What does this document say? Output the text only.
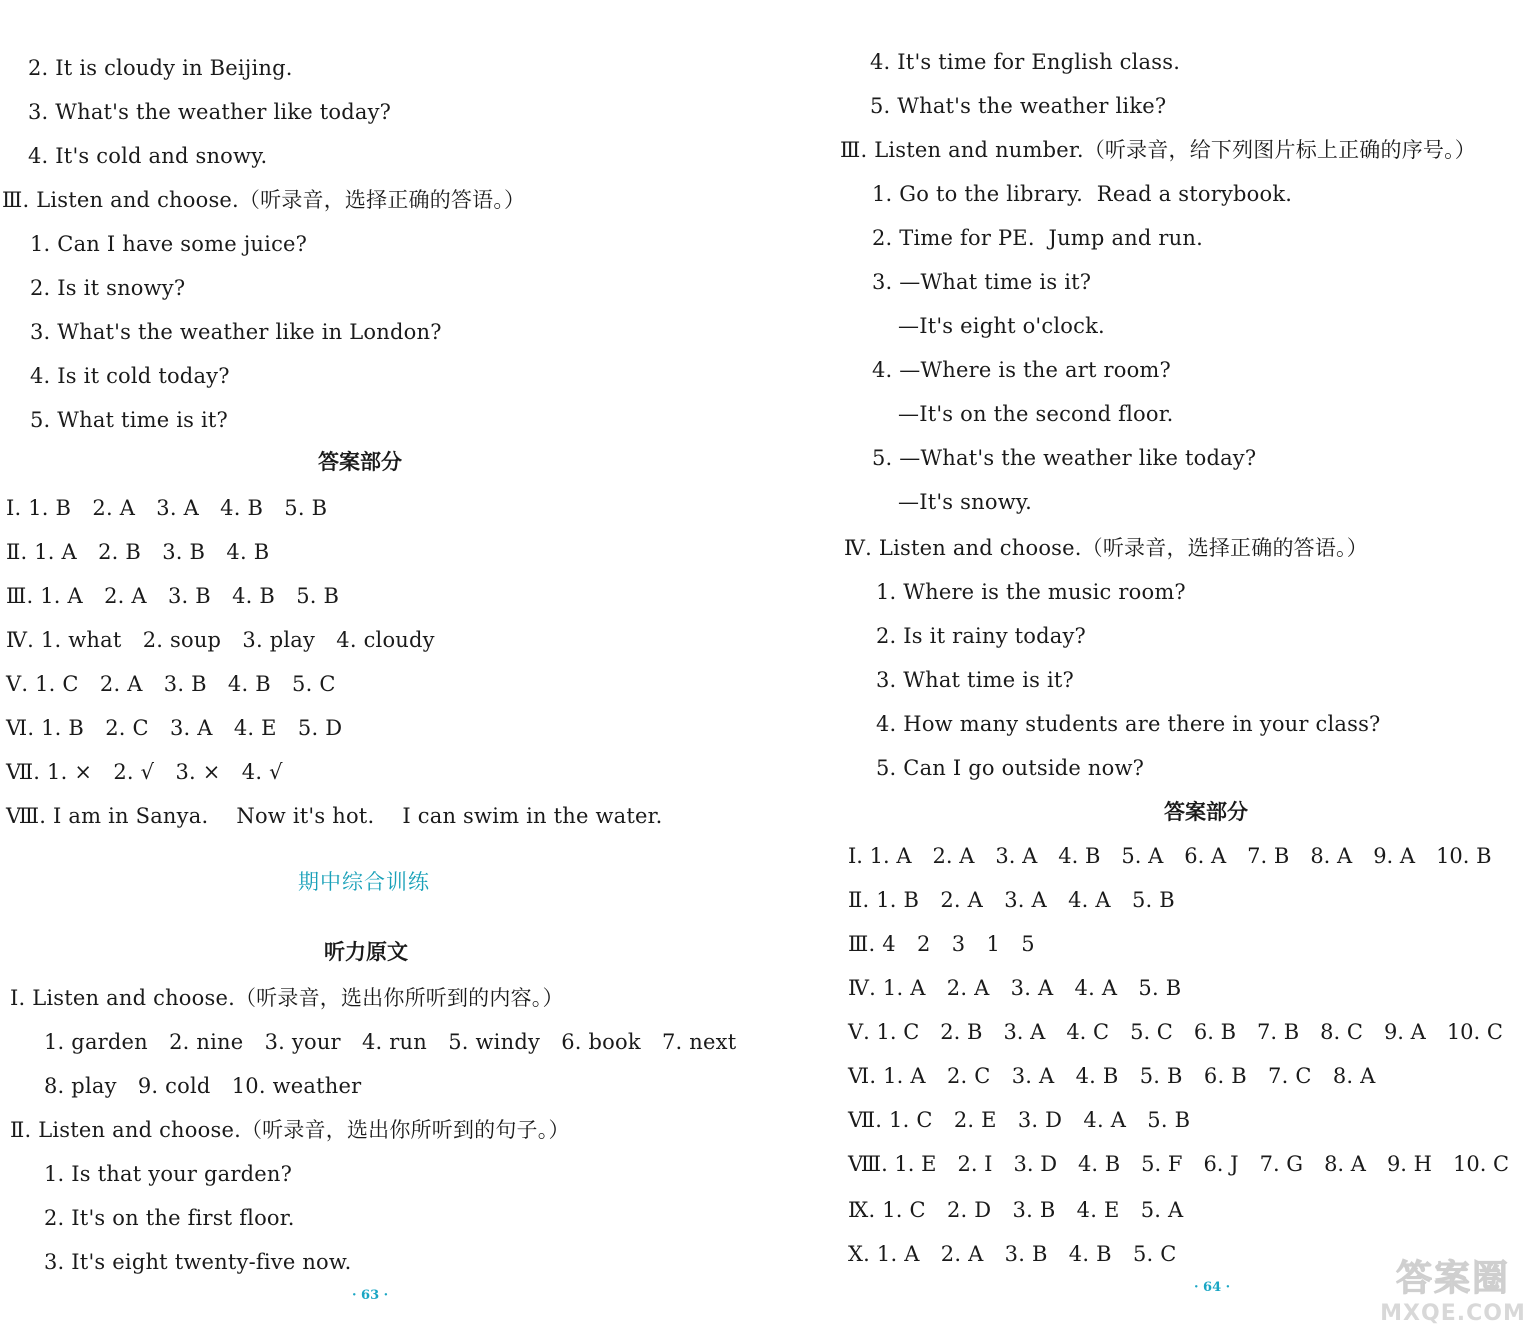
2. It is cloudy in Beijing.
3. What's the weather like today?
4. It's cold and snowy.
Ⅲ. Listen and choose.（听录音，选择正确的答语。）
1. Can I have some juice?
2. Is it snowy?
3. What's the weather like in London?
4. Is it cold today?
5. What time is it?
答案部分
Ⅰ. 1. B　2. A　3. A　4. B　5. B
Ⅱ. 1. A　2. B　3. B　4. B
Ⅲ. 1. A　2. A　3. B　4. B　5. B
Ⅳ. 1. what　2. soup　3. play　4. cloudy
Ⅴ. 1. C　2. A　3. B　4. B　5. C
Ⅵ. 1. B　2. C　3. A　4. E　5. D
Ⅶ. 1. ×　2. √　3. ×　4. √
Ⅷ. I am in Sanya.　 Now it's hot.　 I can swim in the water.
期中综合训练
听力原文
Ⅰ. Listen and choose.（听录音，选出你所听到的内容。）
1. garden　2. nine　3. your　4. run　5. windy　6. book　7. next
8. play　9. cold　10. weather
Ⅱ. Listen and choose.（听录音，选出你所听到的句子。）
1. Is that your garden?
2. It's on the first floor.
3. It's eight twenty-five now.
· 63 ·
4. It's time for English class.
5. What's the weather like?
Ⅲ. Listen and number.（听录音，给下列图片标上正确的序号。）
1. Go to the library.  Read a storybook.
2. Time for PE.  Jump and run.
3. —What time is it?
—It's eight o'clock.
4. —Where is the art room?
—It's on the second floor.
5. —What's the weather like today?
—It's snowy.
Ⅳ. Listen and choose.（听录音，选择正确的答语。）
1. Where is the music room?
2. Is it rainy today?
3. What time is it?
4. How many students are there in your class?
5. Can I go outside now?
答案部分
Ⅰ. 1. A　2. A　3. A　4. B　5. A　6. A　7. B　8. A　9. A　10. B
Ⅱ. 1. B　2. A　3. A　4. A　5. B
Ⅲ. 4　2　3　1　5
Ⅳ. 1. A　2. A　3. A　4. A　5. B
Ⅴ. 1. C　2. B　3. A　4. C　5. C　6. B　7. B　8. C　9. A　10. C
Ⅵ. 1. A　2. C　3. A　4. B　5. B　6. B　7. C　8. A
Ⅶ. 1. C　2. E　3. D　4. A　5. B
Ⅷ. 1. E　2. I　3. D　4. B　5. F　6. J　7. G　8. A　9. H　10. C
Ⅸ. 1. C　2. D　3. B　4. E　5. A
Ⅹ. 1. A　2. A　3. B　4. B　5. C
· 64 ·	答案圈
MXQE.COM
